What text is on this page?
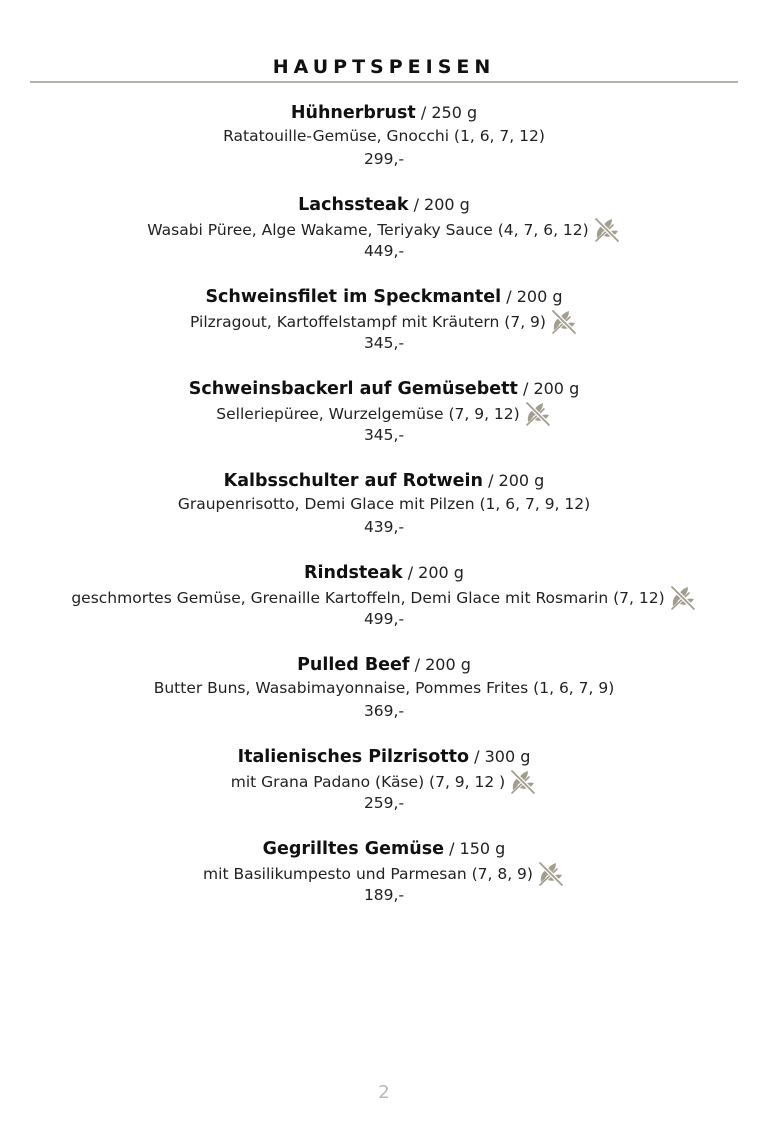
HAUPTSPEISEN
Hühnerbrust / 250 g
Ratatouille-Gemüse, Gnocchi (1, 6, 7, 12)
299,-
Lachssteak / 200 g
Wasabi Püree, Alge Wakame, Teriyaky Sauce (4, 7, 6, 12)
449,-
Schweinsfilet im Speckmantel / 200 g
Pilzragout, Kartoffelstampf mit Kräutern (7, 9)
345,-
Schweinsbackerl auf Gemüsebett / 200 g
Selleriepüree, Wurzelgemüse (7, 9, 12)
345,-
Kalbsschulter auf Rotwein / 200 g
Graupenrisotto, Demi Glace mit Pilzen (1, 6, 7, 9, 12)
439,-
Rindsteak / 200 g
geschmortes Gemüse, Grenaille Kartoffeln, Demi Glace mit Rosmarin (7, 12)
499,-
Pulled Beef / 200 g
Butter Buns, Wasabimayonnaise, Pommes Frites (1, 6, 7, 9)
369,-
Italienisches Pilzrisotto / 300 g
mit Grana Padano (Käse) (7, 9, 12 )
259,-
Gegrilltes Gemüse / 150 g
mit Basilikumpesto und Parmesan (7, 8, 9)
189,-
2
